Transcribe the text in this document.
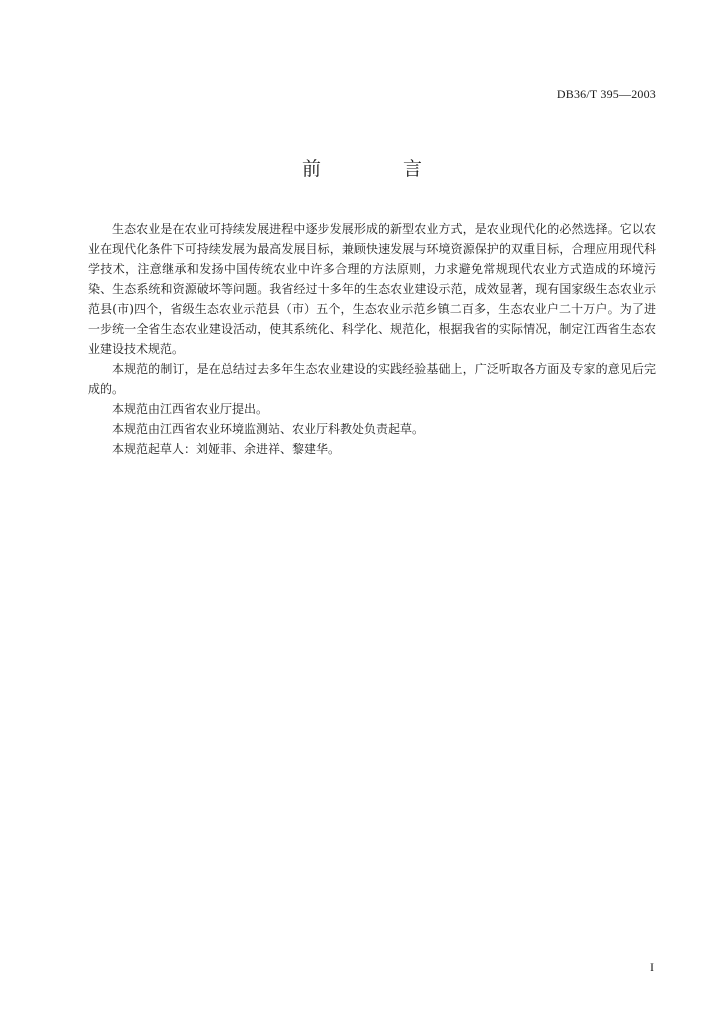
DB36/T 395—2003
前 言

生态农业是在农业可持续发展进程中逐步发展形成的新型农业方式，是农业现代化的必然选择。它以农业在现代化条件下可持续发展为最高发展目标，兼顾快速发展与环境资源保护的双重目标，合理应用现代科学技术，注意继承和发扬中国传统农业中许多合理的方法原则，力求避免常规现代农业方式造成的环境污染、生态系统和资源破坏等问题。我省经过十多年的生态农业建设示范，成效显著，现有国家级生态农业示范县(市)四个，省级生态农业示范县（市）五个，生态农业示范乡镇二百多，生态农业户二十万户。为了进一步统一全省生态农业建设活动，使其系统化、科学化、规范化，根据我省的实际情况，制定江西省生态农业建设技术规范。

本规范的制订，是在总结过去多年生态农业建设的实践经验基础上，广泛听取各方面及专家的意见后完成的。

本规范由江西省农业厅提出。

本规范由江西省农业环境监测站、农业厅科教处负责起草。

本规范起草人：刘娅菲、余进祥、黎建华。

I
